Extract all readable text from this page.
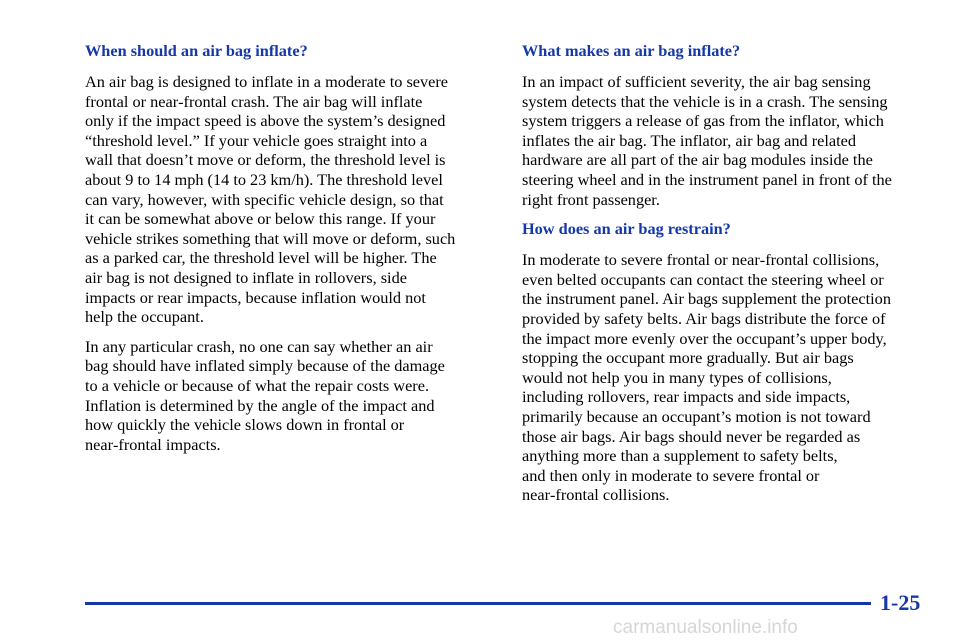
When should an air bag inflate?
An air bag is designed to inflate in a moderate to severe
frontal or near‐frontal crash. The air bag will inflate
only if the impact speed is above the system’s designed
“threshold level.” If your vehicle goes straight into a
wall that doesn’t move or deform, the threshold level is
about 9 to 14 mph (14 to 23 km/h). The threshold level
can vary, however, with specific vehicle design, so that
it can be somewhat above or below this range. If your
vehicle strikes something that will move or deform, such
as a parked car, the threshold level will be higher. The
air bag is not designed to inflate in rollovers, side
impacts or rear impacts, because inflation would not
help the occupant.
In any particular crash, no one can say whether an air
bag should have inflated simply because of the damage
to a vehicle or because of what the repair costs were.
Inflation is determined by the angle of the impact and
how quickly the vehicle slows down in frontal or
near‐frontal impacts.
What makes an air bag inflate?
In an impact of sufficient severity, the air bag sensing
system detects that the vehicle is in a crash. The sensing
system triggers a release of gas from the inflator, which
inflates the air bag. The inflator, air bag and related
hardware are all part of the air bag modules inside the
steering wheel and in the instrument panel in front of the
right front passenger.
How does an air bag restrain?
In moderate to severe frontal or near‐frontal collisions,
even belted occupants can contact the steering wheel or
the instrument panel. Air bags supplement the protection
provided by safety belts. Air bags distribute the force of
the impact more evenly over the occupant’s upper body,
stopping the occupant more gradually. But air bags
would not help you in many types of collisions,
including rollovers, rear impacts and side impacts,
primarily because an occupant’s motion is not toward
those air bags. Air bags should never be regarded as
anything more than a supplement to safety belts,
and then only in moderate to severe frontal or
near‐frontal collisions.
1-25
carmanualsonline.info
